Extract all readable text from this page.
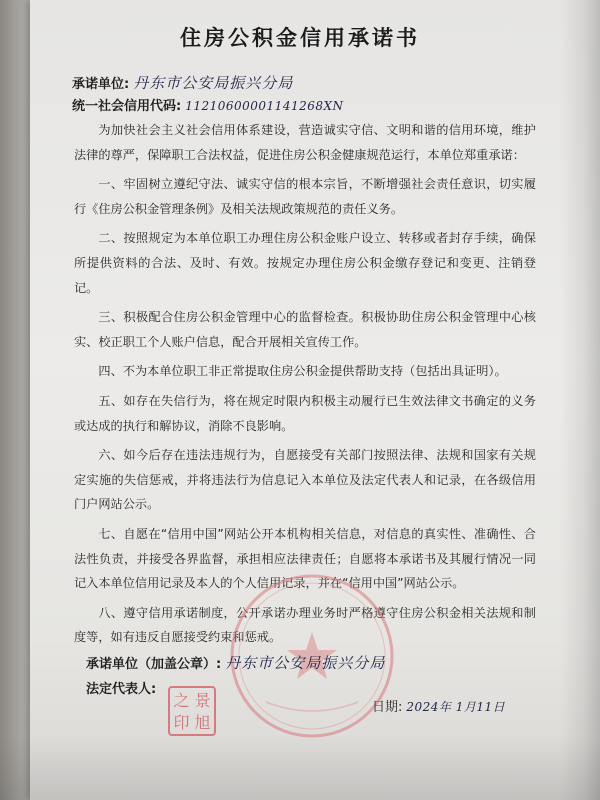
住房公积金信用承诺书
承诺单位: 丹东市公安局振兴分局
统一社会信用代码: 11210600001141268XN

为加快社会主义社会信用体系建设，营造诚实守信、文明和谐的信用环境，维护法律的尊严，保障职工合法权益，促进住房公积金健康规范运行，本单位郑重承诺：

一、牢固树立遵纪守法、诚实守信的根本宗旨，不断增强社会责任意识，切实履行《住房公积金管理条例》及相关法规政策规范的责任义务。

二、按照规定为本单位职工办理住房公积金账户设立、转移或者封存手续，确保所提供资料的合法、及时、有效。按规定办理住房公积金缴存登记和变更、注销登记。

三、积极配合住房公积金管理中心的监督检查。积极协助住房公积金管理中心核实、校正职工个人账户信息，配合开展相关宣传工作。

四、不为本单位职工非正常提取住房公积金提供帮助支持（包括出具证明）。

五、如存在失信行为，将在规定时限内积极主动履行已生效法律文书确定的义务或达成的执行和解协议，消除不良影响。

六、如今后存在违法违规行为，自愿接受有关部门按照法律、法规和国家有关规定实施的失信惩戒，并将违法行为信息记入本单位及法定代表人和记录，在各级信用门户网站公示。

七、自愿在“信用中国”网站公开本机构相关信息，对信息的真实性、准确性、合法性负责，并接受各界监督，承担相应法律责任；自愿将本承诺书及其履行情况一同记入本单位信用记录及本人的个人信用记录，并在“信用中国”网站公示。

八、遵守信用承诺制度，公开承诺办理业务时严格遵守住房公积金相关法规和制度等，如有违反自愿接受约束和惩戒。

承诺单位（加盖公章）: 丹东市公安局振兴分局
法定代表人:
之 景
印 旭
日期: 2024年 1月11日
